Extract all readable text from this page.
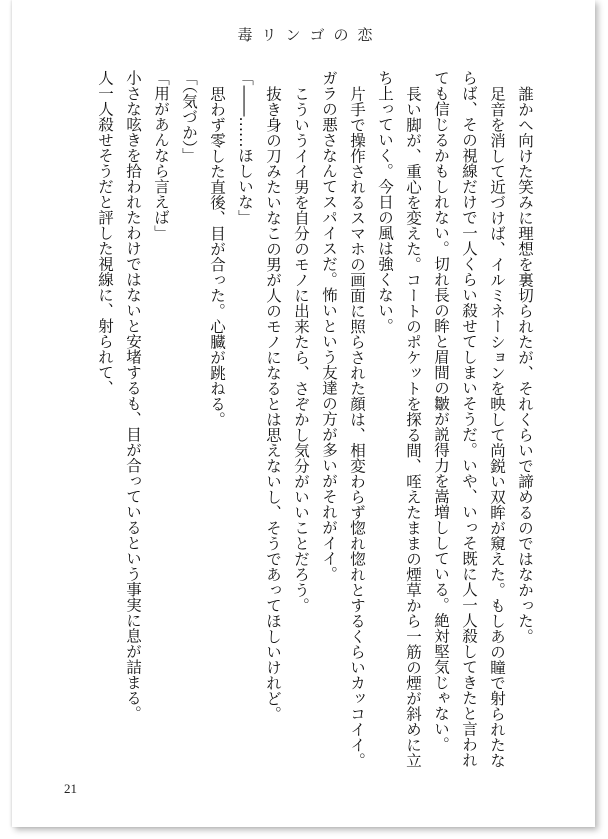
毒リンゴの恋

誰かへ向けた笑みに理想を裏切られたが、それくらいで諦めるのではなかった。

足音を消して近づけば、イルミネーションを映して尚鋭い双眸が窺えた。もしあの瞳で射られたならば、その視線だけで一人くらい殺せてしまいそうだ。いや、いっそ既に人一人殺してきたと言われても信じるかもしれない。切れ長の眸と眉間の皺が説得力を嵩増ししている。絶対堅気じゃない。

長い脚が、重心を変えた。コートのポケットを探る間、咥えたままの煙草から一筋の煙が斜めに立ち上っていく。今日の風は強くない。

片手で操作されるスマホの画面に照らされた顔は、相変わらず惚れ惚れとするくらいカッコイイ。ガラの悪さなんてスパイスだ。怖いという友達の方が多いがそれがイイ。

こういうイイ男を自分のモノに出来たら、さぞかし気分がいいことだろう。

抜き身の刀みたいなこの男が人のモノになるとは思えないし、そうであってほしいけれど。

「――……ほしいな」

思わず零した直後、目が合った。心臓が跳ねる。

「（気づか）」

「用があんなら言えば」

小さな呟きを拾われたわけではないと安堵するも、目が合っているという事実に息が詰まる。

人一人殺せそうだと評した視線に、射られて、

21
